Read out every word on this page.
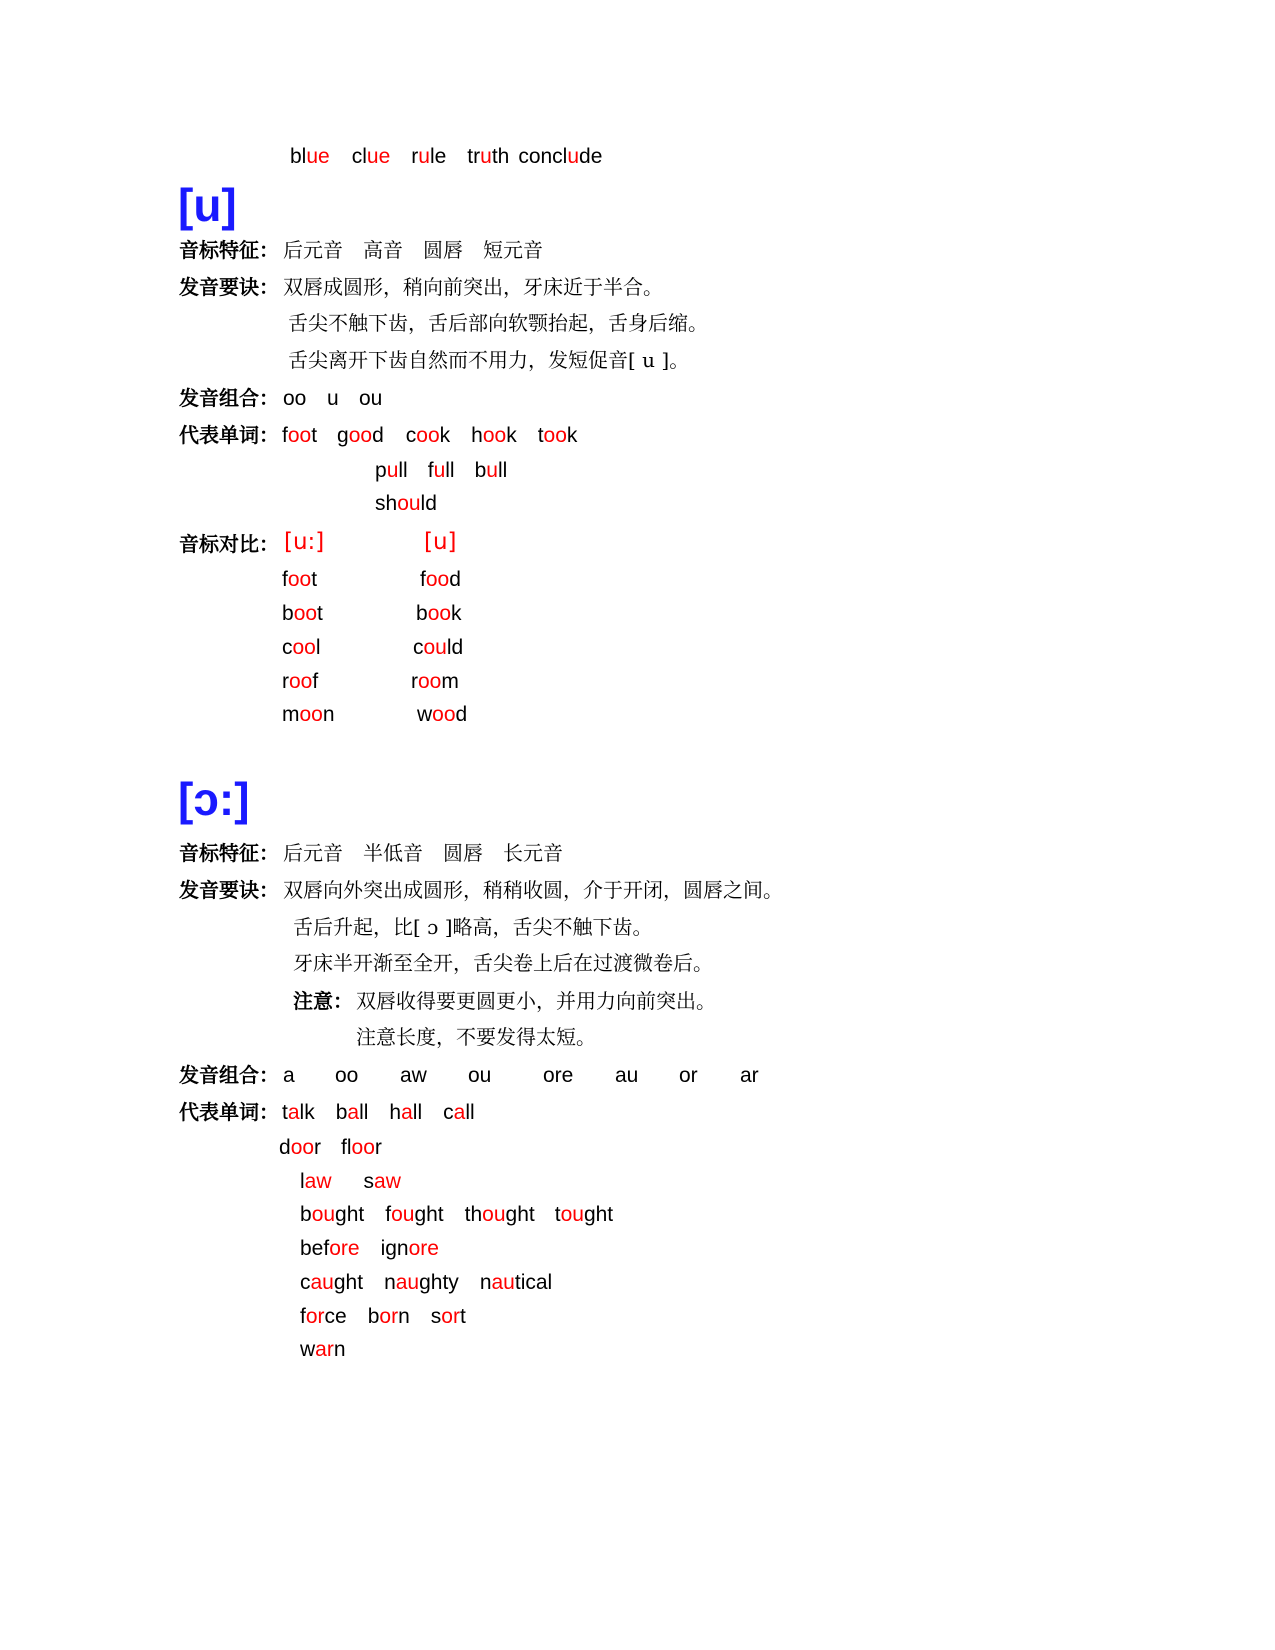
blue clue rule truth conclude
[u]
音标特征： 后元音　高音　圆唇　短元音
发音要诀： 双唇成圆形，稍向前突出，牙床近于半合。
舌尖不触下齿，舌后部向软颚抬起，舌身后缩。
舌尖离开下齿自然而不用力，发短促音[ u ]。
发音组合： oo u ou
代表单词： foot good cook hook took
pull full bull
should
音标对比： [u:]	[u]
foot	food
boot	book
cool	could
roof	room
moon	wood
[ɔ:]
音标特征： 后元音　半低音　圆唇　长元音
发音要诀： 双唇向外突出成圆形，稍稍收圆，介于开闭，圆唇之间。
舌后升起，比[ ɔ ]略高，舌尖不触下齿。
牙床半开渐至全开，舌尖卷上后在过渡微卷后。
注意： 双唇收得要更圆更小，并用力向前突出。
注意长度，不要发得太短。
发音组合： a oo aw ou ore au or ar
代表单词： talk ball hall call
door floor
law saw
bought fought thought tought
before ignore
caught naughty nautical
force born sort
warn
